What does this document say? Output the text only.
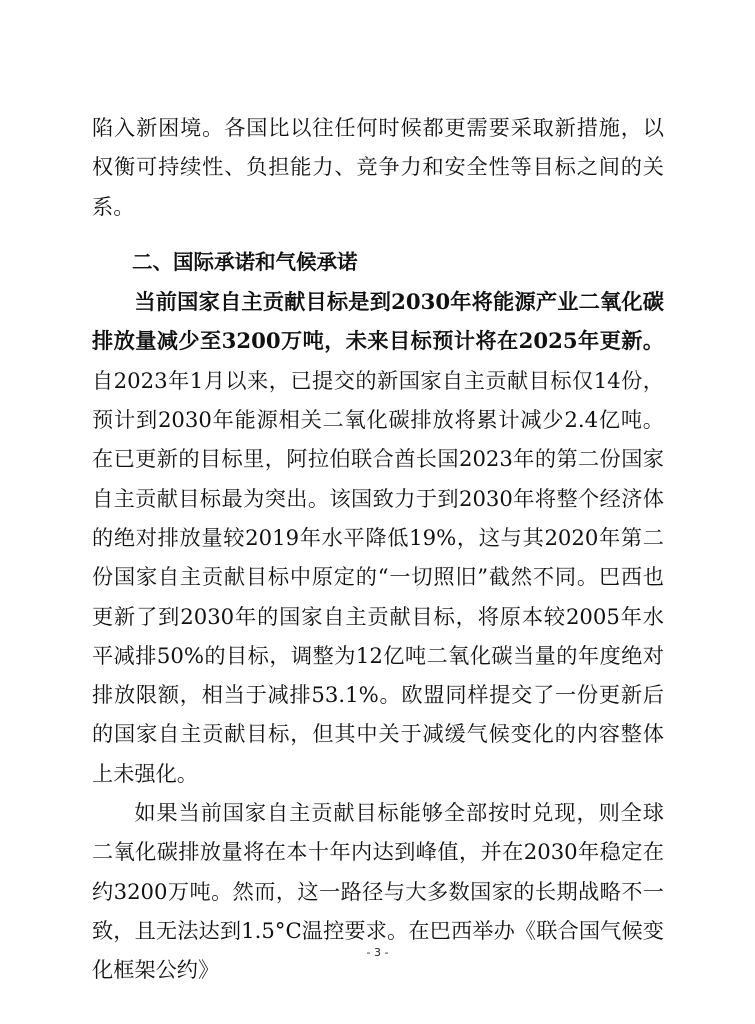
陷入新困境。各国比以往任何时候都更需要采取新措施，以权衡可持续性、负担能力、竞争力和安全性等目标之间的关系。

二、国际承诺和气候承诺

当前国家自主贡献目标是到2030年将能源产业二氧化碳排放量减少至3200万吨，未来目标预计将在2025年更新。自2023年1月以来，已提交的新国家自主贡献目标仅14份，预计到2030年能源相关二氧化碳排放将累计减少2.4亿吨。在已更新的目标里，阿拉伯联合酋长国2023年的第二份国家自主贡献目标最为突出。该国致力于到2030年将整个经济体的绝对排放量较2019年水平降低19%，这与其2020年第二份国家自主贡献目标中原定的“一切照旧”截然不同。巴西也更新了到2030年的国家自主贡献目标，将原本较2005年水平减排50%的目标，调整为12亿吨二氧化碳当量的年度绝对排放限额，相当于减排53.1%。欧盟同样提交了一份更新后的国家自主贡献目标，但其中关于减缓气候变化的内容整体上未强化。

如果当前国家自主贡献目标能够全部按时兑现，则全球二氧化碳排放量将在本十年内达到峰值，并在2030年稳定在约3200万吨。然而，这一路径与大多数国家的长期战略不一致，且无法达到1.5°C温控要求。在巴西举办《联合国气候变化框架公约》

- 3 -
